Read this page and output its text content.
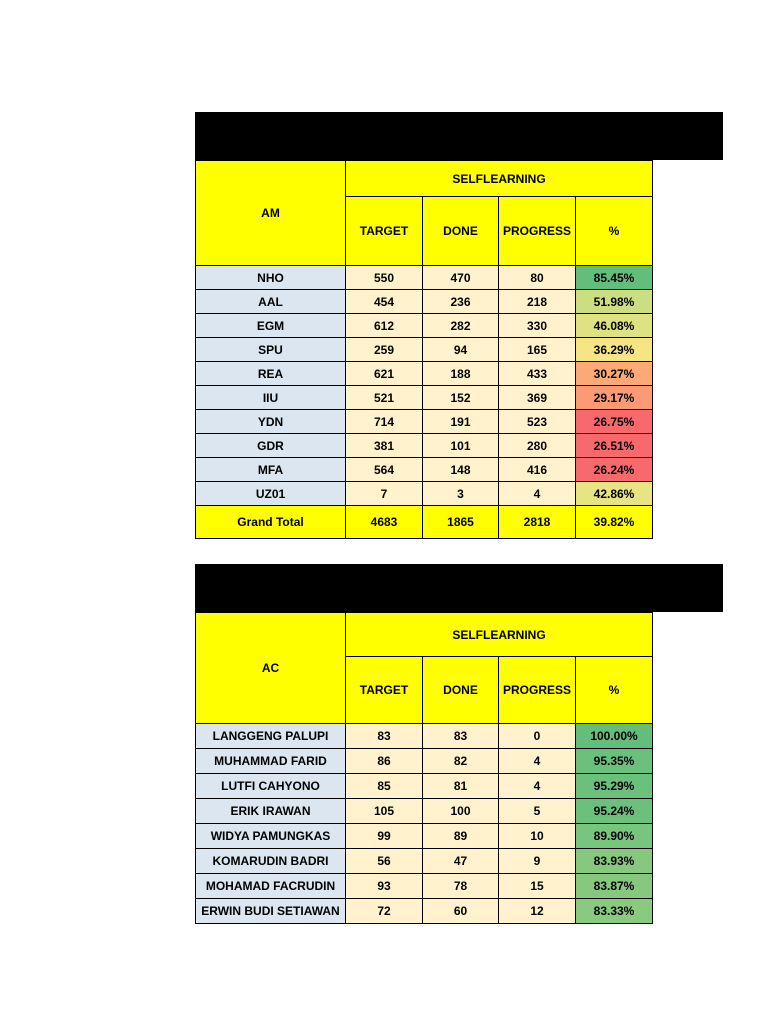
AM	SELFLEARNING			
	TARGET	DONE	PROGRESS	%
NHO	550	470	80	85.45%
AAL	454	236	218	51.98%
EGM	612	282	330	46.08%
SPU	259	94	165	36.29%
REA	621	188	433	30.27%
IIU	521	152	369	29.17%
YDN	714	191	523	26.75%
GDR	381	101	280	26.51%
MFA	564	148	416	26.24%
UZ01	7	3	4	42.86%
Grand Total	4683	1865	2818	39.82%
AC	SELFLEARNING			
	TARGET	DONE	PROGRESS	%
LANGGENG PALUPI	83	83	0	100.00%
MUHAMMAD FARID	86	82	4	95.35%
LUTFI CAHYONO	85	81	4	95.29%
ERIK IRAWAN	105	100	5	95.24%
WIDYA PAMUNGKAS	99	89	10	89.90%
KOMARUDIN BADRI	56	47	9	83.93%
MOHAMAD FACRUDIN	93	78	15	83.87%
ERWIN BUDI SETIAWAN	72	60	12	83.33%
